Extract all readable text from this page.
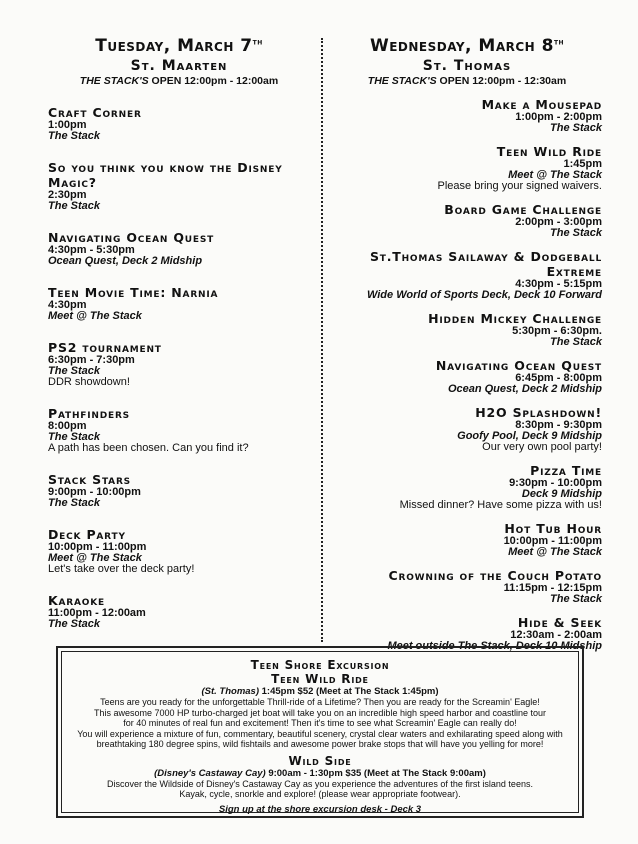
Tuesday, March 7th
St. Maarten
THE STACK'S OPEN 12:00pm - 12:00am
Craft Corner
1:00pm
The Stack
So you think you know the Disney Magic?
2:30pm
The Stack
Navigating Ocean Quest
4:30pm - 5:30pm
Ocean Quest, Deck 2 Midship
Teen Movie Time: Narnia
4:30pm
Meet @ The Stack
PS2 tournament
6:30pm - 7:30pm
The Stack
DDR showdown!
Pathfinders
8:00pm
The Stack
A path has been chosen. Can you find it?
Stack Stars
9:00pm - 10:00pm
The Stack
Deck Party
10:00pm - 11:00pm
Meet @ The Stack
Let's take over the deck party!
Karaoke
11:00pm - 12:00am
The Stack
Wednesday, March 8th
St. Thomas
THE STACK'S OPEN 12:00pm - 12:30am
Make a Mousepad
1:00pm - 2:00pm
The Stack
Teen Wild Ride
1:45pm
Meet @ The Stack
Please bring your signed waivers.
Board Game Challenge
2:00pm - 3:00pm
The Stack
St.Thomas Sailaway & Dodgeball Extreme
4:30pm - 5:15pm
Wide World of Sports Deck, Deck 10 Forward
Hidden Mickey Challenge
5:30pm - 6:30pm.
The Stack
Navigating Ocean Quest
6:45pm - 8:00pm
Ocean Quest, Deck 2 Midship
H2O Splashdown!
8:30pm - 9:30pm
Goofy Pool, Deck 9 Midship
Our very own pool party!
Pizza Time
9:30pm - 10:00pm
Deck 9 Midship
Missed dinner? Have some pizza with us!
Hot Tub Hour
10:00pm - 11:00pm
Meet @ The Stack
Crowning of the Couch Potato
11:15pm - 12:15pm
The Stack
Hide & Seek
12:30am - 2:00am
Meet outside The Stack, Deck 10 Midship
Teen Shore Excursion
Teen Wild Ride
(St. Thomas) 1:45pm $52 (Meet at The Stack 1:45pm)
Teens are you ready for the unforgettable Thrill-ride of a Lifetime? Then you are ready for the Screamin' Eagle!
This awesome 7000 HP turbo-charged jet boat will take you on an incredible high speed harbor and coastline tour
for 40 minutes of real fun and excitement! Then it's time to see what Screamin' Eagle can really do!
You will experience a mixture of fun, commentary, beautiful scenery, crystal clear waters and exhilarating speed along with
breathtaking 180 degree spins, wild fishtails and awesome power brake stops that will have you yelling for more!
Wild Side
(Disney's Castaway Cay) 9:00am - 1:30pm $35 (Meet at The Stack 9:00am)
Discover the Wildside of Disney's Castaway Cay as you experience the adventures of the first island teens.
Kayak, cycle, snorkle and explore! (please wear appropriate footwear).
Sign up at the shore excursion desk - Deck 3
